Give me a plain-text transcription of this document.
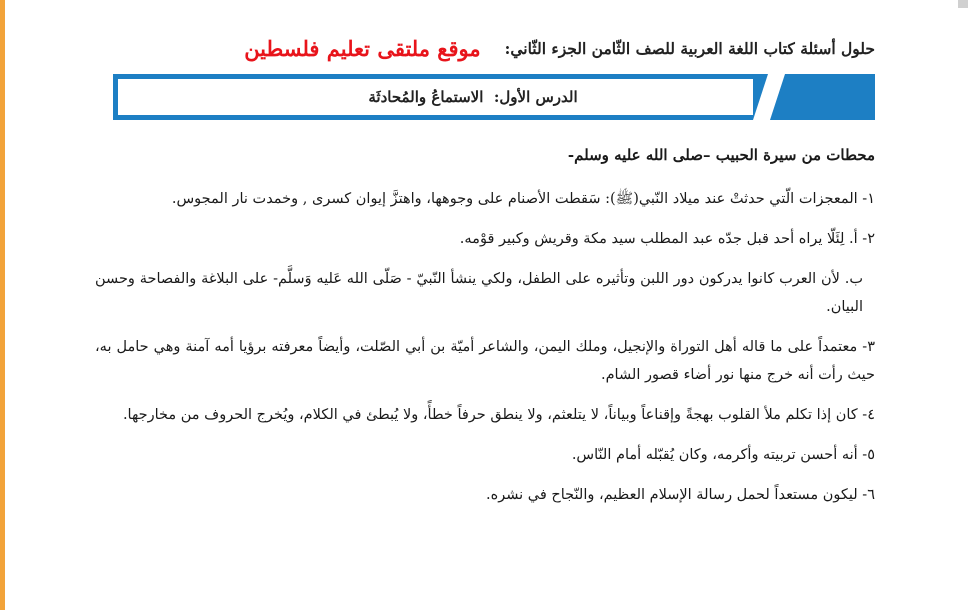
حلول أسئلة كتاب اللغة العربية للصف الثّامن الجزء الثّاني:
موقع ملتقى تعليم فلسطين
الدرس الأول:

الاستماعُ والمُحادثَة
محطات من سيرة الحبيب –صلى الله عليه وسلم-
١- المعجزات الّتي حدثتْ عند ميلاد النّبي(ﷺ): سَقطت الأصنام على وجوهها، واهتزَّ إيوان كسرى , وخمدت نار المجوس.
٢- أ. لِئَلّا يراه أحد قبل جدّه عبد المطلب سيد مكة وقريش وكبير قوْمه.
ب. لأن العرب كانوا يدركون دور اللبن وتأثيره على الطفل، ولكي ينشأ النّبيّ - صَلّى الله عَليه وَسلَّم- على البلاغة والفصاحة وحسن البيان.
٣- معتمداً على ما قاله أهل التوراة والإنجيل، وملك اليمن، والشاعر أميّة بن أبي الصّلت، وأيضاً معرفته برؤيا أمه آمنة وهي حامل به، حيث رأت أنه خرج منها نور أضاء قصور الشام.
٤- كان إذا تكلم ملأ القلوب بهجةً وإقناعاً وبياناً، لا يتلعثم، ولا ينطق حرفاً خطأً، ولا يُبطئ في الكلام، ويُخرج الحروف من مخارجها.
٥- أنه أحسن تربيته وأكرمه، وكان يُقبّله أمام النّاس.
٦- ليكون مستعداً لحمل رسالة الإسلام العظيم، والنّجاح في نشره.
